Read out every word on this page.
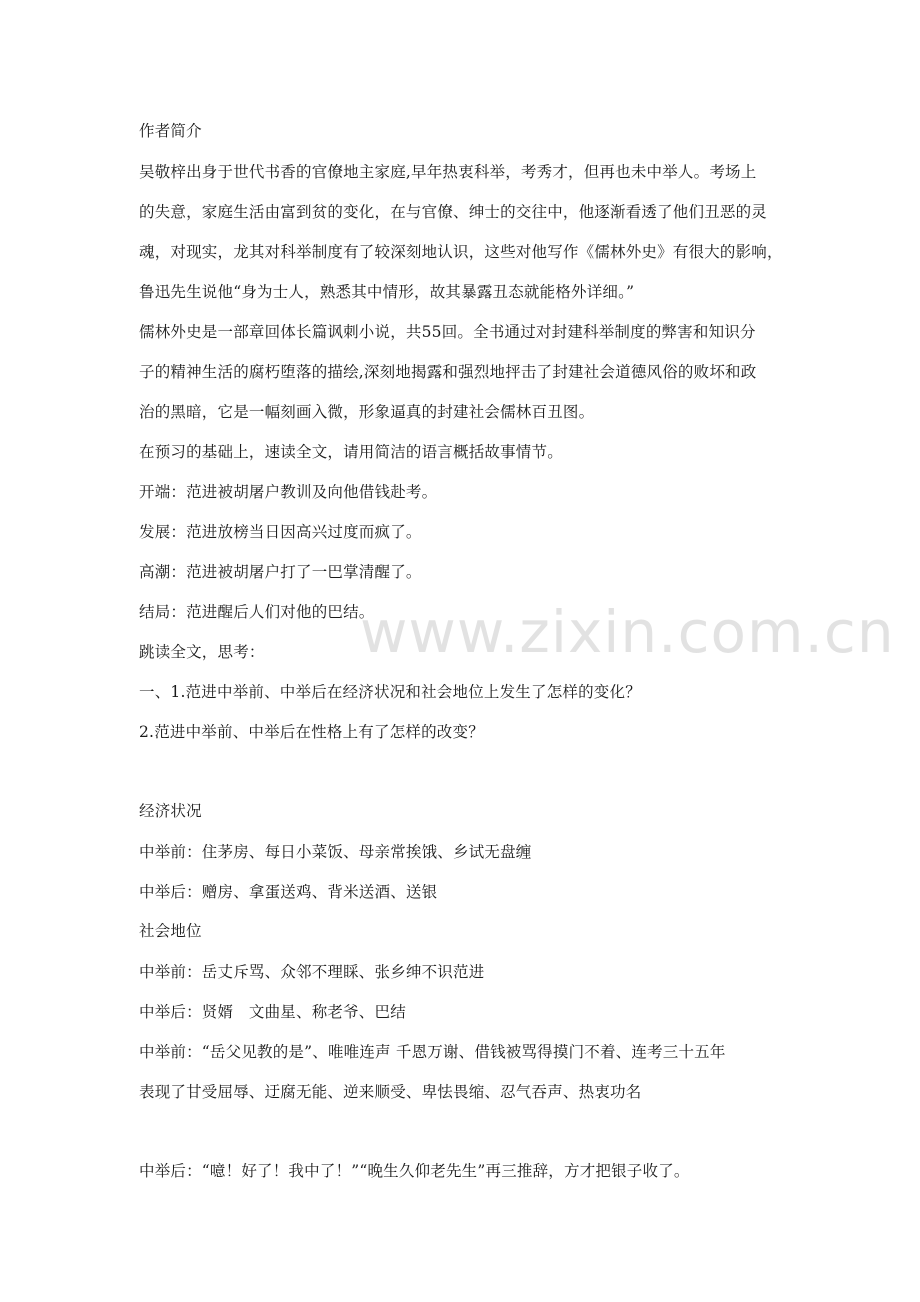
www.zixin.com.cn
作者简介
吴敬梓出身于世代书香的官僚地主家庭,早年热衷科举，考秀才，但再也未中举人。考场上
的失意，家庭生活由富到贫的变化，在与官僚、绅士的交往中，他逐渐看透了他们丑恶的灵
魂，对现实，龙其对科举制度有了较深刻地认识，这些对他写作《儒林外史》有很大的影响，
鲁迅先生说他“身为士人，熟悉其中情形，故其暴露丑态就能格外详细。”
儒林外史是一部章回体长篇讽刺小说，共55回。全书通过对封建科举制度的弊害和知识分
子的精神生活的腐朽堕落的描绘,深刻地揭露和强烈地抨击了封建社会道德风俗的败坏和政
治的黑暗，它是一幅刻画入微，形象逼真的封建社会儒林百丑图。
在预习的基础上，速读全文，请用简洁的语言概括故事情节。
开端：范进被胡屠户教训及向他借钱赴考。
发展：范进放榜当日因高兴过度而疯了。
高潮：范进被胡屠户打了一巴掌清醒了。
结局：范进醒后人们对他的巴结。
跳读全文，思考：
一、1.范进中举前、中举后在经济状况和社会地位上发生了怎样的变化？
2.范进中举前、中举后在性格上有了怎样的改变？
经济状况
中举前：住茅房、每日小菜饭、母亲常挨饿、乡试无盘缠
中举后：赠房、拿蛋送鸡、背米送酒、送银
社会地位
中举前：岳丈斥骂、众邻不理睬、张乡绅不识范进
中举后：贤婿　文曲星、称老爷、巴结
中举前：“岳父见教的是”、唯唯连声 千恩万谢、借钱被骂得摸门不着、连考三十五年
表现了甘受屈辱、迂腐无能、逆来顺受、卑怯畏缩、忍气吞声、热衷功名
中举后：“噫！好了！我中了！”“晚生久仰老先生”再三推辞，方才把银子收了。
